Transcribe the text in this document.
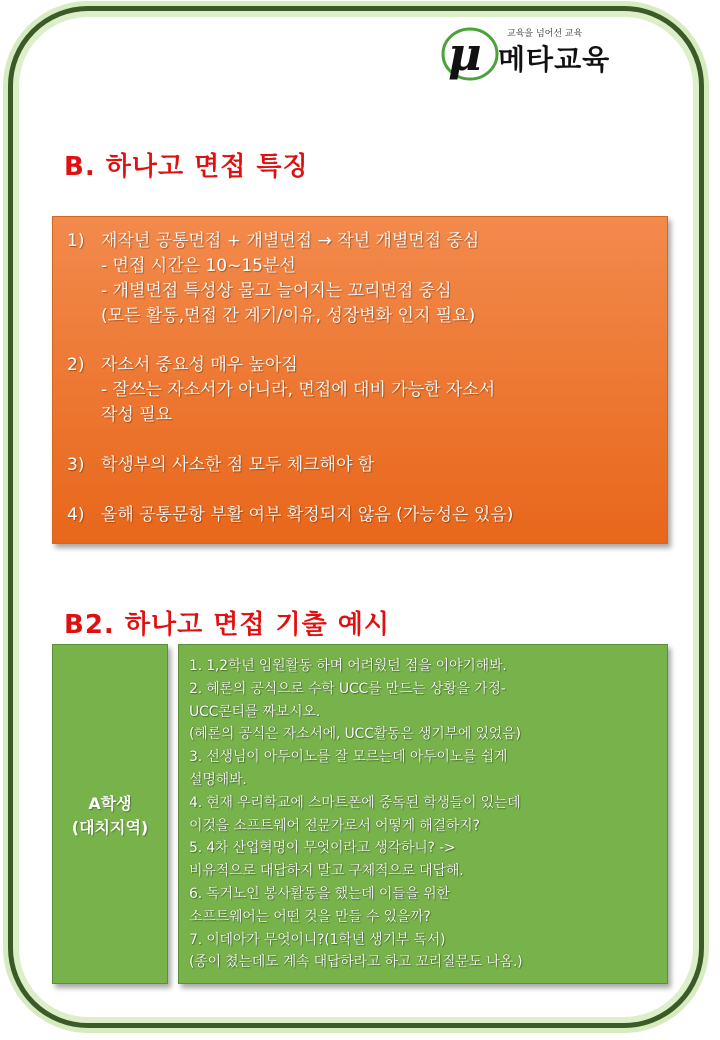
μ	교육을 넘어선 교육
메타교육
B. 하나고 면접 특징
1) 재작년 공통면접 + 개별면접 → 작년 개별면접 중심
- 면접 시간은 10~15분선
- 개별면접 특성상 물고 늘어지는 꼬리면접 중심
(모든 활동,면접 간 계기/이유, 성장변화 인지 필요)
2) 자소서 중요성 매우 높아짐
- 잘쓰는 자소서가 아니라, 면접에 대비 가능한 자소서
작성 필요
3) 학생부의 사소한 점 모두 체크해야 함
4) 올해 공통문항 부활 여부 확정되지 않음 (가능성은 있음)
B2. 하나고 면접 기출 예시
A학생
(대치지역)
1. 1,2학년 임원활동 하며 어려웠던 점을 이야기해봐.
2. 혜론의 공식으로 수학 UCC를 만드는 상황을 가정-
UCC콘티를 짜보시오.
(혜론의 공식은 자소서에, UCC활동은 생기부에 있었음)
3. 선생님이 아두이노를 잘 모르는데 아두이노를 쉽게
설명해봐.
4. 현재 우리학교에 스마트폰에 중독된 학생들이 있는데
이것을 소프트웨어 전문가로서 어떻게 해결하지?
5. 4차 산업혁명이 무엇이라고 생각하니? ->
비유적으로 대답하지 말고 구체적으로 대답해.
6. 독거노인 봉사활동을 했는데 이들을 위한
소프트웨어는 어떤 것을 만들 수 있을까?
7. 이데아가 무엇이니?(1학년 생기부 독서)
(종이 쳤는데도 계속 대답하라고 하고 꼬리질문도 나옴.)
